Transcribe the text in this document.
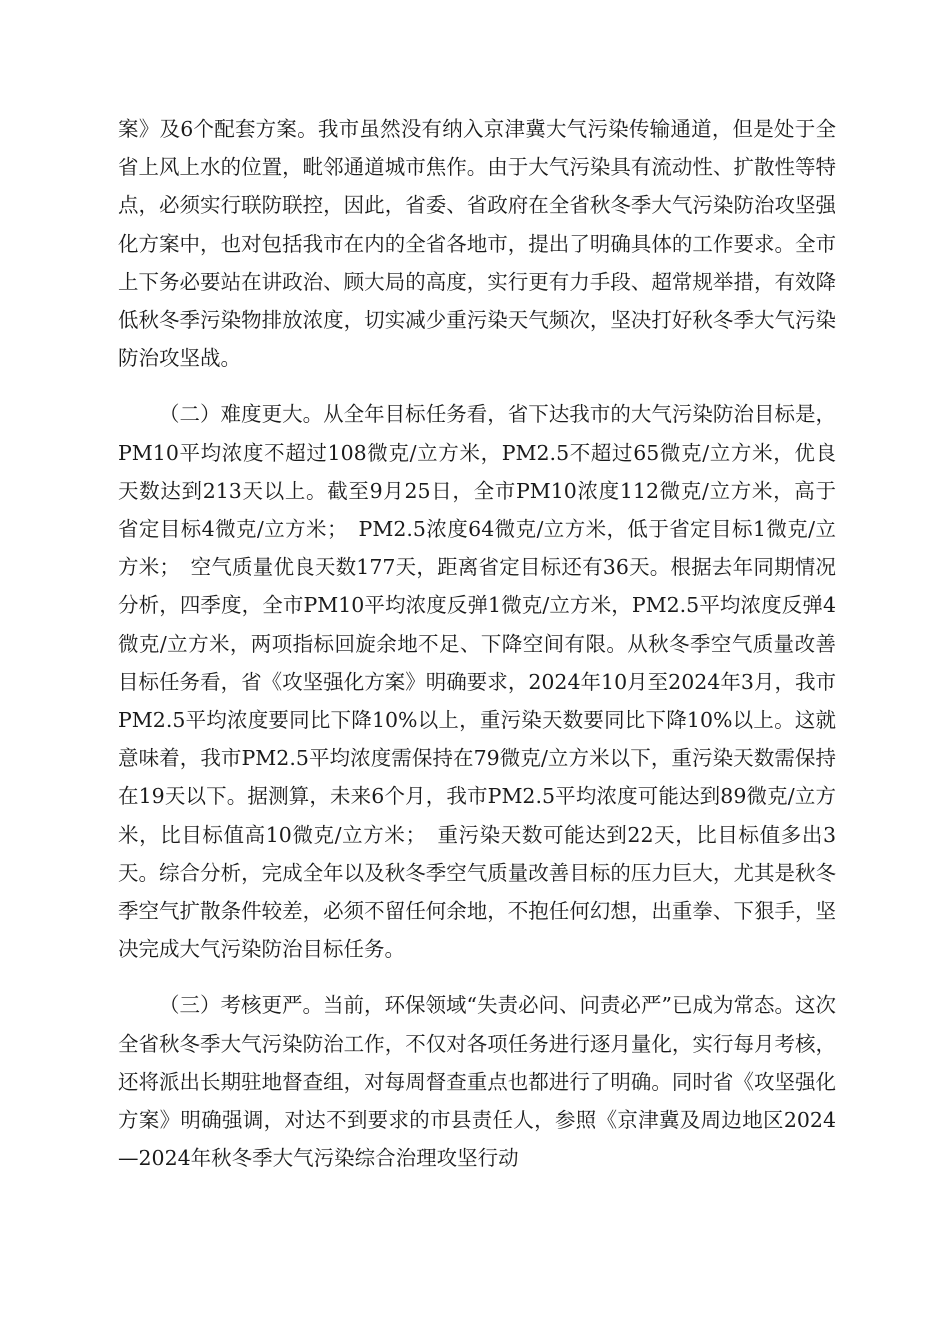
案》及6个配套方案。我市虽然没有纳入京津冀大气污染传输通道，但是处于全省上风上水的位置，毗邻通道城市焦作。由于大气污染具有流动性、扩散性等特点，必须实行联防联控，因此，省委、省政府在全省秋冬季大气污染防治攻坚强化方案中，也对包括我市在内的全省各地市，提出了明确具体的工作要求。全市上下务必要站在讲政治、顾大局的高度，实行更有力手段、超常规举措，有效降低秋冬季污染物排放浓度，切实减少重污染天气频次，坚决打好秋冬季大气污染防治攻坚战。

（二）难度更大。从全年目标任务看，省下达我市的大气污染防治目标是，PM10平均浓度不超过108微克/立方米，PM2.5不超过65微克/立方米，优良天数达到213天以上。截至9月25日，全市PM10浓度112微克/立方米，高于省定目标4微克/立方米；　PM2.5浓度64微克/立方米，低于省定目标1微克/立方米；　空气质量优良天数177天，距离省定目标还有36天。根据去年同期情况分析，四季度，全市PM10平均浓度反弹1微克/立方米，PM2.5平均浓度反弹4微克/立方米，两项指标回旋余地不足、下降空间有限。从秋冬季空气质量改善目标任务看，省《攻坚强化方案》明确要求，2024年10月至2024年3月，我市PM2.5平均浓度要同比下降10%以上，重污染天数要同比下降10%以上。这就意味着，我市PM2.5平均浓度需保持在79微克/立方米以下，重污染天数需保持在19天以下。据测算，未来6个月，我市PM2.5平均浓度可能达到89微克/立方米，比目标值高10微克/立方米；　重污染天数可能达到22天，比目标值多出3天。综合分析，完成全年以及秋冬季空气质量改善目标的压力巨大，尤其是秋冬季空气扩散条件较差，必须不留任何余地，不抱任何幻想，出重拳、下狠手，坚决完成大气污染防治目标任务。

（三）考核更严。当前，环保领域“失责必问、问责必严”已成为常态。这次全省秋冬季大气污染防治工作，不仅对各项任务进行逐月量化，实行每月考核，还将派出长期驻地督查组，对每周督查重点也都进行了明确。同时省《攻坚强化方案》明确强调，对达不到要求的市县责任人，参照《京津冀及周边地区2024—2024年秋冬季大气污染综合治理攻坚行动
